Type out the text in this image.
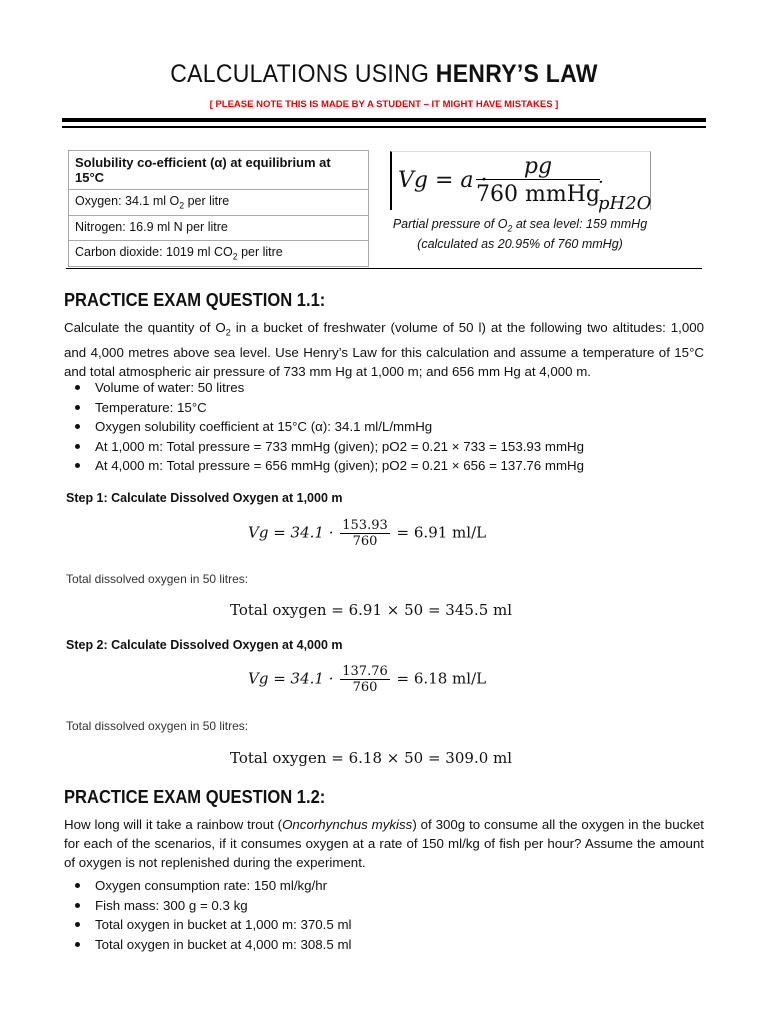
CALCULATIONS USING HENRY’S LAW
[ PLEASE NOTE THIS IS MADE BY A STUDENT – IT MIGHT HAVE MISTAKES ]
Solubility co-efficient (α) at equilibrium at 15°C
Oxygen: 34.1 ml $O_2$ per litre
Nitrogen: 16.9 ml N per litre
Carbon dioxide: 1019 ml $CO_2$ per litre
Vg = a ·
pg
760 mmHg
· pH2O
Partial pressure of $O_2$ at sea level: 159 mmHg
(calculated as 20.95% of 760 mmHg)
PRACTICE EXAM QUESTION 1.1:
Calculate the quantity of $O_2$ in a bucket of freshwater (volume of 50 l) at the following two altitudes: 1,000 and 4,000 metres above sea level. Use Henry’s Law for this calculation and assume a temperature of 15°C and total atmospheric air pressure of 733 mm Hg at 1,000 m; and 656 mm Hg at 4,000 m.
Volume of water: 50 litres
Temperature: 15°C
Oxygen solubility coefficient at 15°C (α): 34.1 ml/L/mmHg
At 1,000 m: Total pressure = 733 mmHg (given); pO2 = 0.21 × 733 = 153.93 mmHg
At 4,000 m: Total pressure = 656 mmHg (given); pO2 = 0.21 × 656 = 137.76 mmHg
Step 1: Calculate Dissolved Oxygen at 1,000 m
$Vg = 34.1 \cdot \frac{153.93}{760} = 6.91$ ml/L
Total dissolved oxygen in 50 litres:
Total oxygen = 6.91 × 50 = 345.5 ml
Step 2: Calculate Dissolved Oxygen at 4,000 m
$Vg = 34.1 \cdot \frac{137.76}{760} = 6.18$ ml/L
Total dissolved oxygen in 50 litres:
Total oxygen = 6.18 × 50 = 309.0 ml
PRACTICE EXAM QUESTION 1.2:
How long will it take a rainbow trout (Oncorhynchus mykiss) of 300g to consume all the oxygen in the bucket for each of the scenarios, if it consumes oxygen at a rate of 150 ml/kg of fish per hour? Assume the amount of oxygen is not replenished during the experiment.
Oxygen consumption rate: 150 ml/kg/hr
Fish mass: 300 g = 0.3 kg
Total oxygen in bucket at 1,000 m: 370.5 ml
Total oxygen in bucket at 4,000 m: 308.5 ml
